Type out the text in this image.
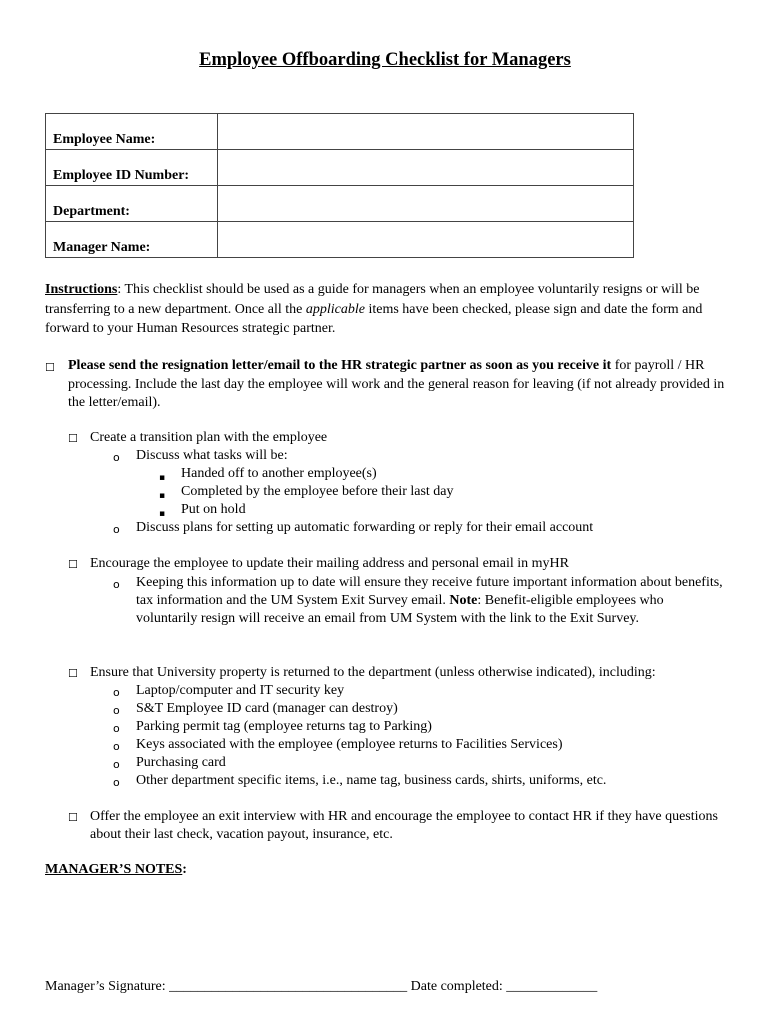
Employee Offboarding Checklist for Managers
Employee Name:	
Employee ID Number:	
Department:	
Manager Name:	
Instructions: This checklist should be used as a guide for managers when an employee voluntarily resigns or will be transferring to a new department. Once all the applicable items have been checked, please sign and date the form and forward to your Human Resources strategic partner.
☐ Please send the resignation letter/email to the HR strategic partner as soon as you receive it for payroll / HR processing. Include the last day the employee will work and the general reason for leaving (if not already provided in the letter/email).
☐ Create a transition plan with the employee
o Discuss what tasks will be:
▪ Handed off to another employee(s)
▪ Completed by the employee before their last day
▪ Put on hold
o Discuss plans for setting up automatic forwarding or reply for their email account
☐ Encourage the employee to update their mailing address and personal email in myHR
o Keeping this information up to date will ensure they receive future important information about benefits, tax information and the UM System Exit Survey email. Note: Benefit-eligible employees who voluntarily resign will receive an email from UM System with the link to the Exit Survey.
☐ Ensure that University property is returned to the department (unless otherwise indicated), including:
o Laptop/computer and IT security key
o S&T Employee ID card (manager can destroy)
o Parking permit tag (employee returns tag to Parking)
o Keys associated with the employee (employee returns to Facilities Services)
o Purchasing card
o Other department specific items, i.e., name tag, business cards, shirts, uniforms, etc.
☐ Offer the employee an exit interview with HR and encourage the employee to contact HR if they have questions about their last check, vacation payout, insurance, etc.
MANAGER’S NOTES:
Manager’s Signature: __________________________________ Date completed: _____________
